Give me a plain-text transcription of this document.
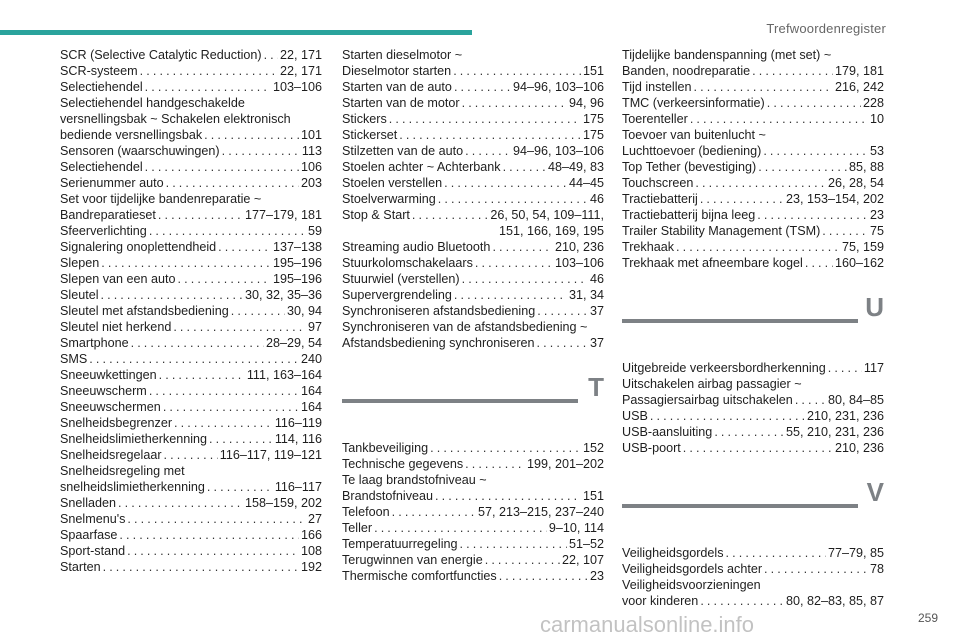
Trefwoordenregister
SCR (Selective Catalytic Reduction) . . . 22, 171
SCR-systeem . . .	22, 171
Selectiehendel . . .	103–106
Selectiehendel handgeschakelde
versnellingsbak ~ Schakelen elektronisch
bediende versnellingsbak . . .	101
Sensoren (waarschuwingen) . . .	113
Selectiehendel . . .	106
Serienummer auto . . .	203
Set voor tijdelijke bandenreparatie ~
Bandreparatieset . . .	177–179, 181
Sfeerverlichting . . .	59
Signalering onoplettendheid . . .	137–138
Slepen . . .	195–196
Slepen van een auto . . .	195–196
Sleutel . . .	30, 32, 35–36
Sleutel met afstandsbediening . . .	30, 94
Sleutel niet herkend . . .	97
Smartphone . . .	28–29, 54
SMS . . .	240
Sneeuwkettingen . . .	111, 163–164
Sneeuwscherm . . .	164
Sneeuwschermen . . .	164
Snelheidsbegrenzer . . .	116–119
Snelheidslimietherkenning . . .	114, 116
Snelheidsregelaar . . .	116–117, 119–121
Snelheidsregeling met
snelheidslimietherkenning . . .	116–117
Snelladen . . .	158–159, 202
Snelmenu's . . .	27
Spaarfase . . .	166
Sport-stand . . .	108
Starten . . .	192
Starten dieselmotor ~
Dieselmotor starten . . .	151
Starten van de auto . . .	94–96, 103–106
Starten van de motor . . .	94, 96
Stickers . . .	175
Stickerset . . .	175
Stilzetten van de auto . . .	94–96, 103–106
Stoelen achter ~ Achterbank . . .	48–49, 83
Stoelen verstellen . . .	44–45
Stoelverwarming . . .	46
Stop & Start . . .	26, 50, 54, 109–111,
151, 166, 169, 195
Streaming audio Bluetooth . . .	210, 236
Stuurkolomschakelaars . . .	103–106
Stuurwiel (verstellen) . . .	46
Supervergrendeling . . .	31, 34
Synchroniseren afstandsbediening . . .	37
Synchroniseren van de afstandsbediening ~
Afstandsbediening synchroniseren . . .	37
T
Tankbeveiliging . . .	152
Technische gegevens . . .	199, 201–202
Te laag brandstofniveau ~
Brandstofniveau . . .	151
Telefoon . . .	57, 213–215, 237–240
Teller . . .	9–10, 114
Temperatuurregeling . . .	51–52
Terugwinnen van energie . . .	22, 107
Thermische comfortfuncties . . .	23
Tijdelijke bandenspanning (met set) ~
Banden, noodreparatie . . .	179, 181
Tijd instellen . . .	216, 242
TMC (verkeersinformatie) . . .	228
Toerenteller . . .	10
Toevoer van buitenlucht ~
Luchttoevoer (bediening) . . .	53
Top Tether (bevestiging) . . .	85, 88
Touchscreen . . .	26, 28, 54
Tractiebatterij . . .	23, 153–154, 202
Tractiebatterij bijna leeg . . .	23
Trailer Stability Management (TSM) . . .	75
Trekhaak . . .	75, 159
Trekhaak met afneembare kogel . . .	160–162
U
Uitgebreide verkeersbordherkenning . . .	117
Uitschakelen airbag passagier ~
Passagiersairbag uitschakelen . . .	80, 84–85
USB . . .	210, 231, 236
USB-aansluiting . . .	55, 210, 231, 236
USB-poort . . .	210, 236
V
Veiligheidsgordels . . .	77–79, 85
Veiligheidsgordels achter . . .	78
Veiligheidsvoorzieningen
voor kinderen . . .	80, 82–83, 85, 87
carmanualsonline.info	259
